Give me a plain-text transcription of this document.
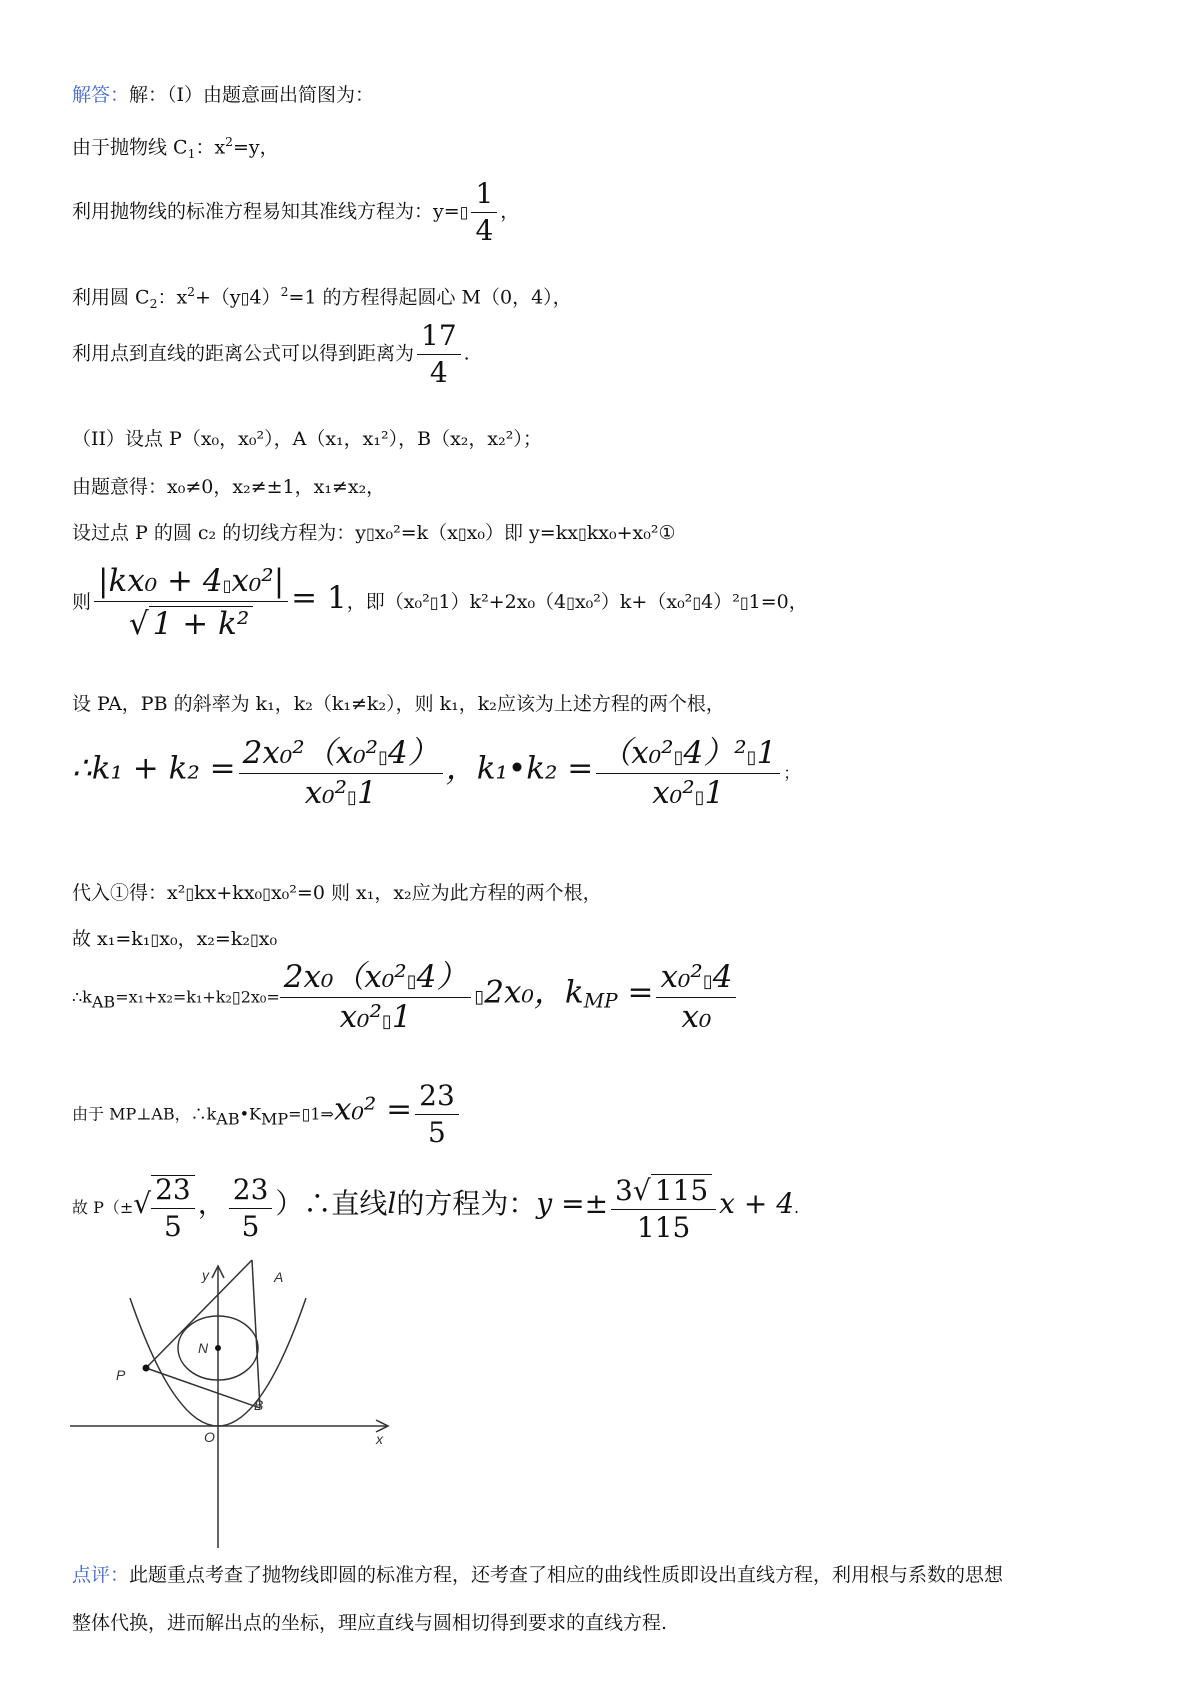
解答：解：（I）由题意画出简图为：
由于抛物线 $C_1$：$x^2=y$，
利用抛物线的标准方程易知其准线方程为：y=▯ $\frac{1}{4}$ ，
利用圆 $C_2$：$x^2+(y▯4)^2=1$ 的方程得起圆心 M（0，4），
利用点到直线的距离公式可以得到距离为 $\frac{17}{4}$ .
（II）设点 P（x₀，x₀²），A（x₁，x₁²），B（x₂，x₂²）；
由题意得：x₀≠0，x₂≠±1，x₁≠x₂，
设过点 P 的圆 c₂ 的切线方程为：y▯x₀²=k（x▯x₀）即 y=kx▯kx₀+x₀²①
则 $\frac{\text{|kx₀ + 4▯x₀²|}}{\text{√ 1 + k²}} = 1$，即（x₀²▯1）k²+2x₀（4▯x₀²）k+（x₀²▯4）²▯1=0，
设 PA，PB 的斜率为 k₁，k₂（k₁≠k₂），则 k₁，k₂应该为上述方程的两个根，
∴k₁ + $k_2 = \frac{\text{2x₀²（x₀²▯4）}}{\text{x₀²▯1}}$ ，k₁•k₂ = $\frac{\text{（x₀²▯4）²▯1}}{\text{x₀²▯1}}$ ；
代入①得：x²▯kx+kx₀▯x₀²=0 则 x₁，x₂应为此方程的两个根，
故 x₁=k₁▯x₀，x₂=k₂▯x₀
$\therefore k_{AB}=x_1+x_2=k_1+k_2▯2x_0= \frac{\text{2x₀（x₀²▯4）}}{\text{x₀²▯1}}$ ▯2x₀，$k_{MP} = \frac{\text{x₀²▯4}}{\text{x₀}}$
由于 MP⊥AB，$\therefore k_{AB}•K_{MP}=▯1\Rightarrow x_0^2 = \frac{23}{5}$
故 $P(\pm√ \frac{23}{5}$ ， $\frac{23}{5}$ ）∴直线l的方程为：$y =\pm \frac{3√ 115}{115}$ x + 4.
y	A
N
P
B
O	x
点评：此题重点考查了抛物线即圆的标准方程，还考查了相应的曲线性质即设出直线方程，利用根与系数的思想
整体代换，进而解出点的坐标，理应直线与圆相切得到要求的直线方程.
